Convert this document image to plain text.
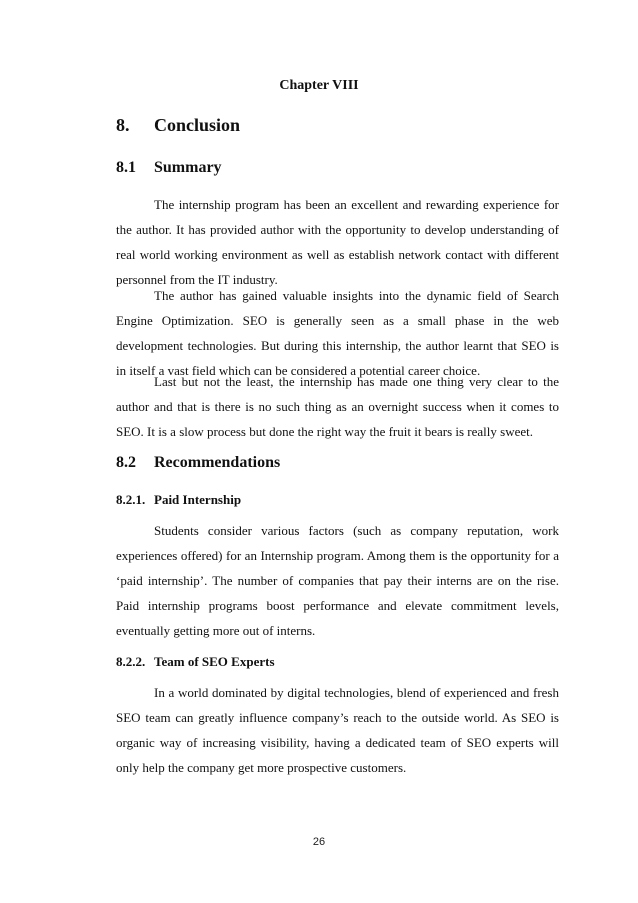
Chapter VIII
8. Conclusion
8.1 Summary

The internship program has been an excellent and rewarding experience for the author. It has provided author with the opportunity to develop understanding of real world working environment as well as establish network contact with different personnel from the IT industry.

The author has gained valuable insights into the dynamic field of Search Engine Optimization. SEO is generally seen as a small phase in the web development technologies. But during this internship, the author learnt that SEO is in itself a vast field which can be considered a potential career choice.

Last but not the least, the internship has made one thing very clear to the author and that is there is no such thing as an overnight success when it comes to SEO. It is a slow process but done the right way the fruit it bears is really sweet.

8.2 Recommendations
8.2.1. Paid Internship

Students consider various factors (such as company reputation, work experiences offered) for an Internship program. Among them is the opportunity for a ‘paid internship’. The number of companies that pay their interns are on the rise. Paid internship programs boost performance and elevate commitment levels, eventually getting more out of interns.

8.2.2. Team of SEO Experts

In a world dominated by digital technologies, blend of experienced and fresh SEO team can greatly influence company’s reach to the outside world. As SEO is organic way of increasing visibility, having a dedicated team of SEO experts will only help the company get more prospective customers.

26
